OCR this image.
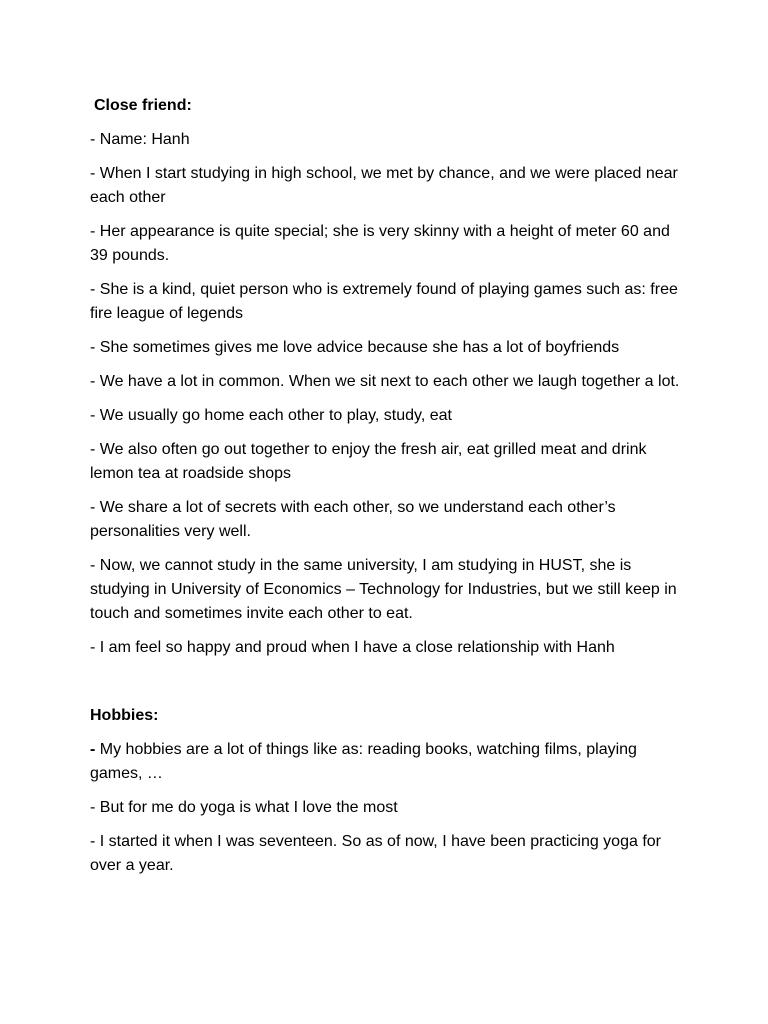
Close friend:
- Name: Hanh
- When I start studying in high school, we met by chance, and we were placed near each other
- Her appearance is quite special; she is very skinny with a height of meter 60 and 39 pounds.
- She is a kind, quiet person who is extremely found of playing games such as: free fire league of legends
- She sometimes gives me love advice because she has a lot of boyfriends
- We have a lot in common. When we sit next to each other we laugh together a lot.
- We usually go home each other to play, study, eat
- We also often go out together to enjoy the fresh air, eat grilled meat and drink lemon tea at roadside shops
- We share a lot of secrets with each other, so we understand each other’s personalities very well.
- Now, we cannot study in the same university, I am studying in HUST, she is studying in University of Economics – Technology for Industries, but we still keep in touch and sometimes invite each other to eat.
- I am feel so happy and proud when I have a close relationship with Hanh
Hobbies:
- My hobbies are a lot of things like as: reading books, watching films, playing games, …
- But for me do yoga is what I love the most
- I started it when I was seventeen. So as of now, I have been practicing yoga for over a year.
